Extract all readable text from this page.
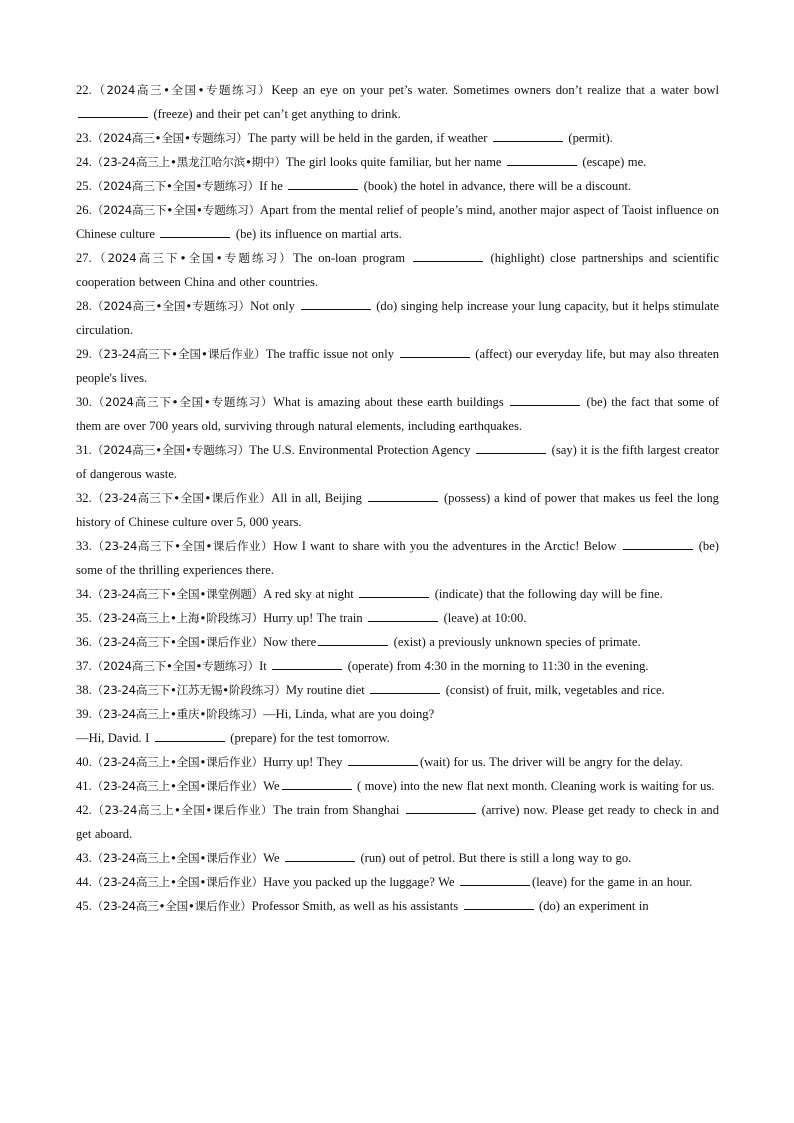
22.（2024高三•全国•专题练习）Keep an eye on your pet’s water. Sometimes owners don’t realize that a water bowl  (freeze) and their pet can’t get anything to drink.

23.（2024高三•全国•专题练习）The party will be held in the garden, if weather	(permit).

24.（23-24高三上•黑龙江哈尔滨•期中）The girl looks quite familiar, but her name	(escape) me.

25.（2024高三下•全国•专题练习）If he	(book) the hotel in advance, there will be a discount.

26.（2024高三下•全国•专题练习）Apart from the mental relief of people’s mind, another major aspect of Taoist influence on Chinese culture	(be) its influence on martial arts.

27.（2024高三下•全国•专题练习）The on-loan program	(highlight) close partnerships and scientific cooperation between China and other countries.

28.（2024高三•全国•专题练习）Not only	(do) singing help increase your lung capacity, but it helps stimulate circulation.

29.（23-24高三下•全国•课后作业）The traffic issue not only	(affect) our everyday life, but may also threaten people's lives.

30.（2024高三下•全国•专题练习）What is amazing about these earth buildings	(be) the fact that some of them are over 700 years old, surviving through natural elements, including earthquakes.

31.（2024高三•全国•专题练习）The U.S. Environmental Protection Agency	(say) it is the fifth largest creator of dangerous waste.

32.（23-24高三下•全国•课后作业）All in all, Beijing	(possess) a kind of power that makes us feel the long history of Chinese culture over 5, 000 years.

33.（23-24高三下•全国•课后作业）How I want to share with you the adventures in the Arctic! Below	(be) some of the thrilling experiences there.

34.（23-24高三下•全国•课堂例题）A red sky at night	(indicate) that the following day will be fine.

35.（23-24高三上•上海•阶段练习）Hurry up! The train	(leave) at 10:00.

36.（23-24高三下•全国•课后作业）Now there	(exist) a previously unknown species of primate.

37.（2024高三下•全国•专题练习）It	(operate) from 4:30 in the morning to 11:30 in the evening.

38.（23-24高三下•江苏无锡•阶段练习）My routine diet	(consist) of fruit, milk, vegetables and rice.

39.（23-24高三上•重庆•阶段练习）—Hi, Linda, what are you doing?
—Hi, David. I	(prepare) for the test tomorrow.

40.（23-24高三上•全国•课后作业）Hurry up! They	(wait) for us. The driver will be angry for the delay.

41.（23-24高三上•全国•课后作业）We	( move) into the new flat next month. Cleaning work is waiting for us.

42.（23-24高三上•全国•课后作业）The train from Shanghai	(arrive) now. Please get ready to check in and get aboard.

43.（23-24高三上•全国•课后作业）We	(run) out of petrol. But there is still a long way to go.

44.（23-24高三上•全国•课后作业）Have you packed up the luggage? We	(leave) for the game in an hour.

45.（23-24高三•全国•课后作业）Professor Smith, as well as his assistants	(do) an experiment in
